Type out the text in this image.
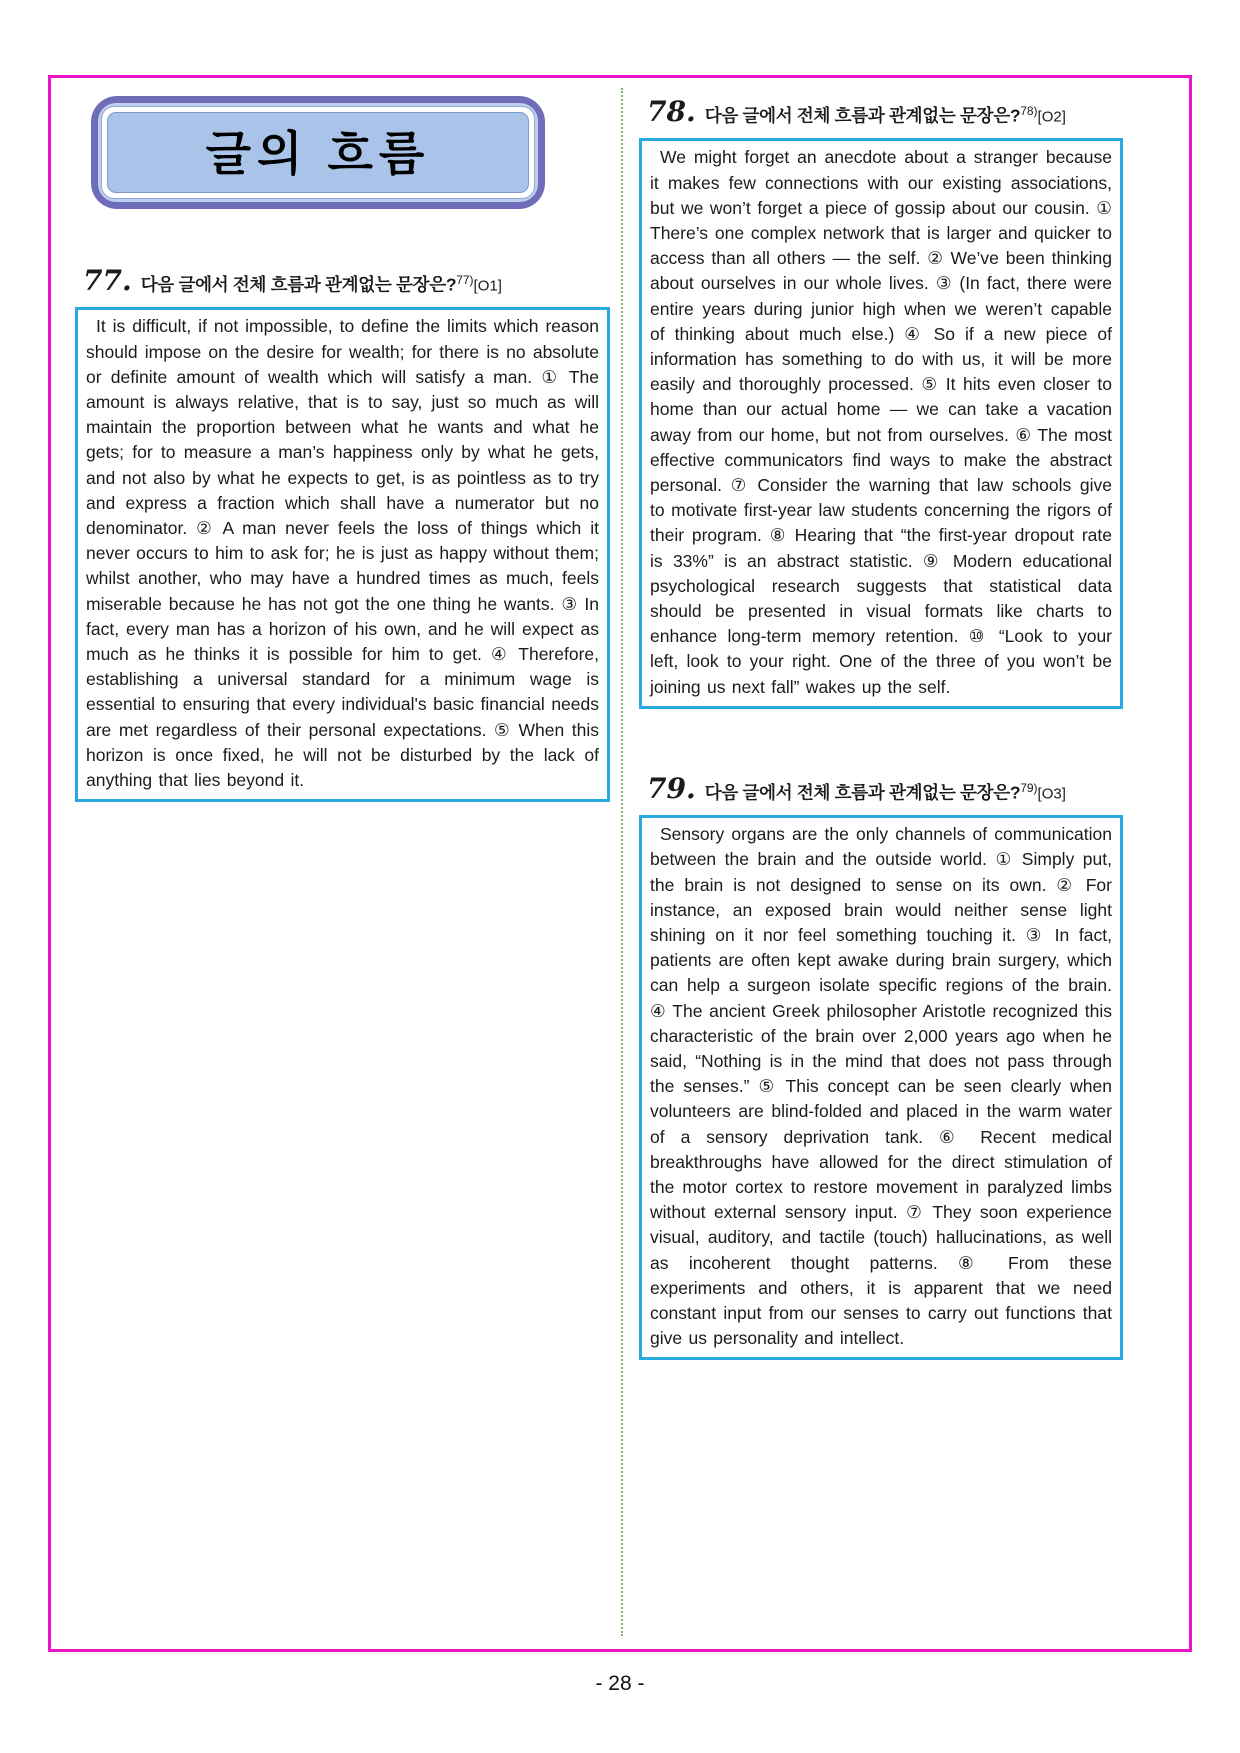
글의 흐름
77. 다음 글에서 전체 흐름과 관계없는 문장은?$^{77)}$[O1]
It is difficult, if not impossible, to define the limits which reason should impose on the desire for wealth; for there is no absolute or definite amount of wealth which will satisfy a man. ① The amount is always relative, that is to say, just so much as will maintain the proportion between what he wants and what he gets; for to measure a man’s happiness only by what he gets, and not also by what he expects to get, is as pointless as to try and express a fraction which shall have a numerator but no denominator. ② A man never feels the loss of things which it never occurs to him to ask for; he is just as happy without them; whilst another, who may have a hundred times as much, feels miserable because he has not got the one thing he wants. ③ In fact, every man has a horizon of his own, and he will expect as much as he thinks it is possible for him to get. ④ Therefore, establishing a universal standard for a minimum wage is essential to ensuring that every individual's basic financial needs are met regardless of their personal expectations. ⑤ When this horizon is once fixed, he will not be disturbed by the lack of anything that lies beyond it.
78. 다음 글에서 전체 흐름과 관계없는 문장은?$^{78)}$[O2]
We might forget an anecdote about a stranger because it makes few connections with our existing associations, but we won’t forget a piece of gossip about our cousin. ① There’s one complex network that is larger and quicker to access than all others — the self. ② We’ve been thinking about ourselves in our whole lives. ③ (In fact, there were entire years during junior high when we weren’t capable of thinking about much else.) ④ So if a new piece of information has something to do with us, it will be more easily and thoroughly processed. ⑤ It hits even closer to home than our actual home — we can take a vacation away from our home, but not from ourselves. ⑥ The most effective communicators find ways to make the abstract personal. ⑦ Consider the warning that law schools give to motivate first-year law students concerning the rigors of their program. ⑧ Hearing that “the first-year dropout rate is 33%” is an abstract statistic. ⑨ Modern educational psychological research suggests that statistical data should be presented in visual formats like charts to enhance long-term memory retention. ⑩ “Look to your left, look to your right. One of the three of you won’t be joining us next fall” wakes up the self.
79. 다음 글에서 전체 흐름과 관계없는 문장은?$^{79)}$[O3]
Sensory organs are the only channels of communication between the brain and the outside world. ① Simply put, the brain is not designed to sense on its own. ② For instance, an exposed brain would neither sense light shining on it nor feel something touching it. ③ In fact, patients are often kept awake during brain surgery, which can help a surgeon isolate specific regions of the brain. ④ The ancient Greek philosopher Aristotle recognized this characteristic of the brain over 2,000 years ago when he said, “Nothing is in the mind that does not pass through the senses.” ⑤ This concept can be seen clearly when volunteers are blind-folded and placed in the warm water of a sensory deprivation tank. ⑥ Recent medical breakthroughs have allowed for the direct stimulation of the motor cortex to restore movement in paralyzed limbs without external sensory input. ⑦ They soon experience visual, auditory, and tactile (touch) hallucinations, as well as incoherent thought patterns. ⑧ From these experiments and others, it is apparent that we need constant input from our senses to carry out functions that give us personality and intellect.
- 28 -
